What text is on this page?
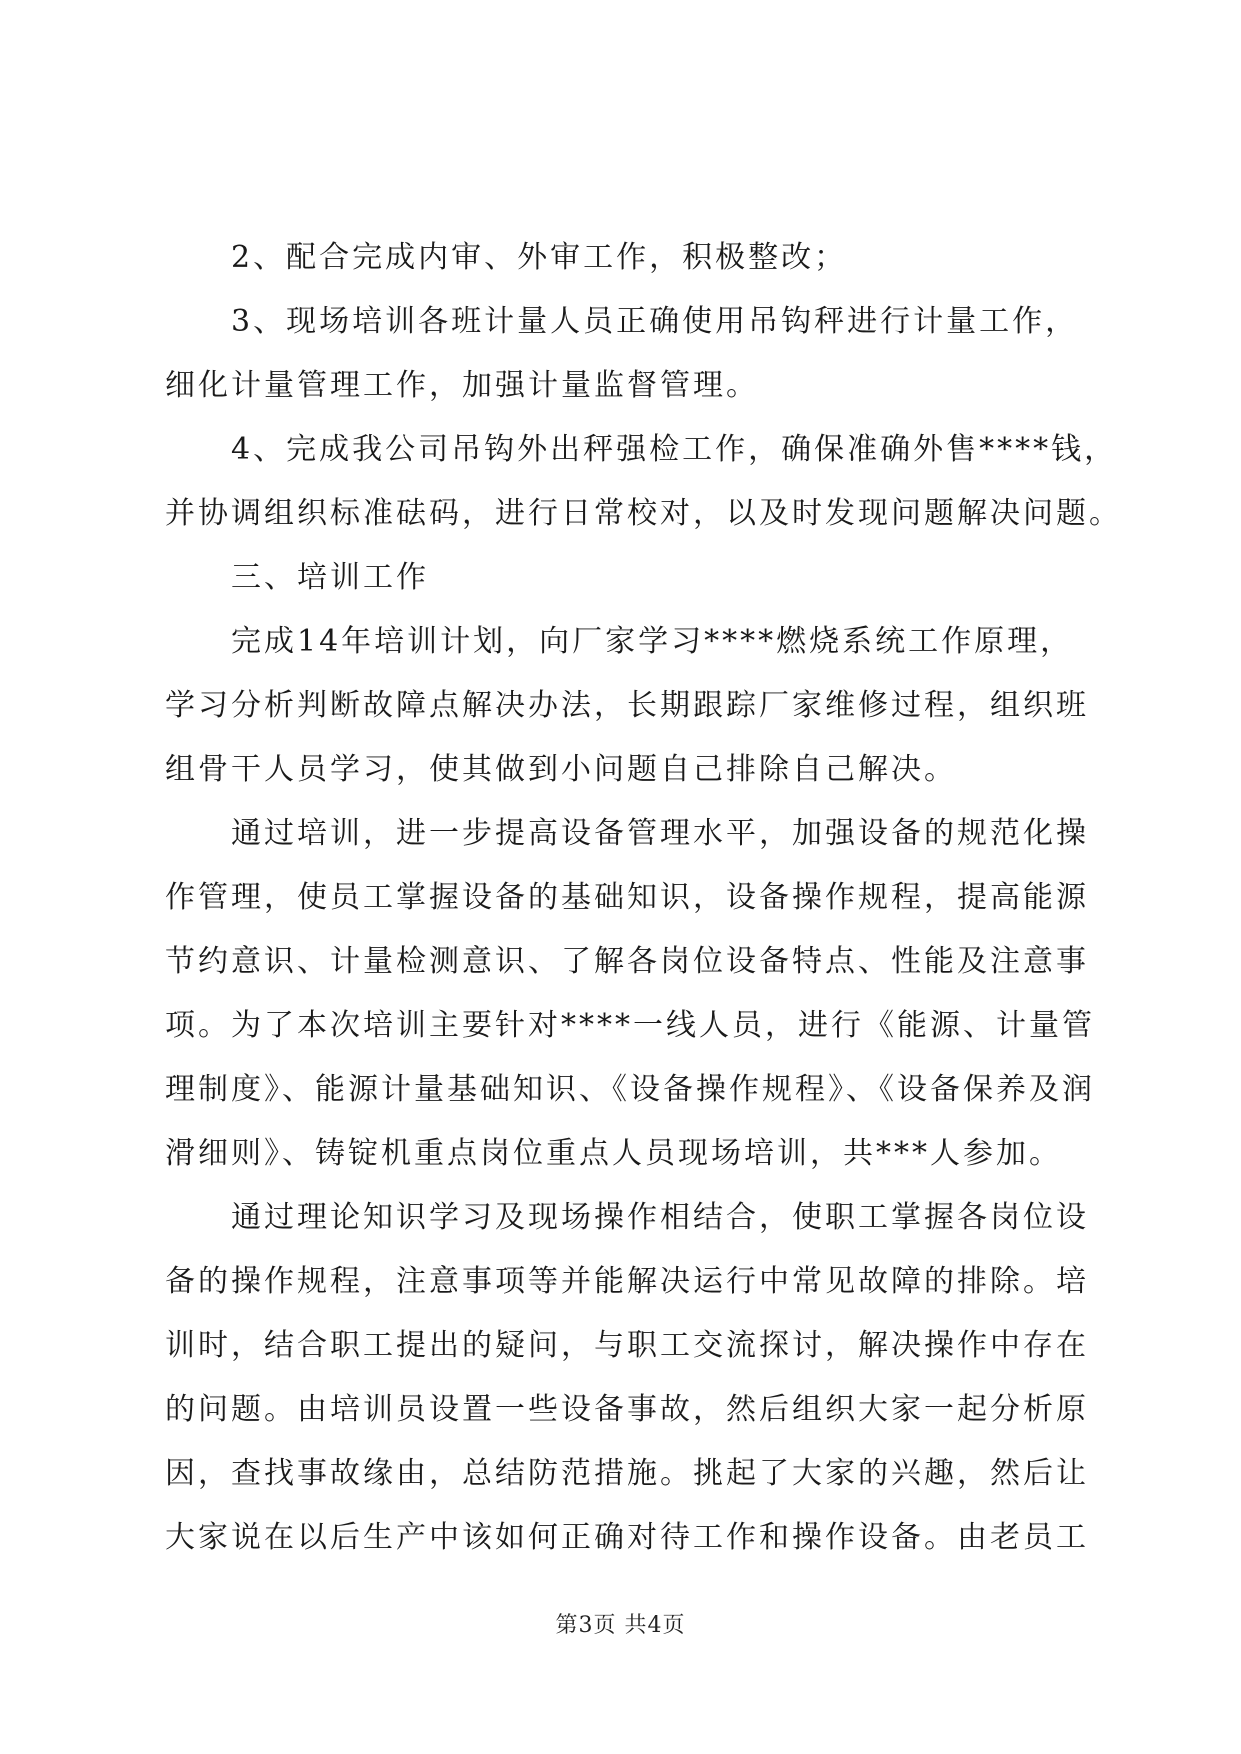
2、配合完成内审、外审工作，积极整改；

3、现场培训各班计量人员正确使用吊钩秤进行计量工作，

细化计量管理工作，加强计量监督管理。

4、完成我公司吊钩外出秤强检工作，确保准确外售****钱，

并协调组织标准砝码，进行日常校对，以及时发现问题解决问题。

三、培训工作

完成14年培训计划，向厂家学习****燃烧系统工作原理，

学习分析判断故障点解决办法，长期跟踪厂家维修过程，组织班

组骨干人员学习，使其做到小问题自己排除自己解决。

通过培训，进一步提高设备管理水平，加强设备的规范化操

作管理，使员工掌握设备的基础知识，设备操作规程，提高能源

节约意识、计量检测意识、了解各岗位设备特点、性能及注意事

项。为了本次培训主要针对****一线人员，进行《能源、计量管

理制度》、能源计量基础知识、《设备操作规程》、《设备保养及润

滑细则》、铸锭机重点岗位重点人员现场培训，共***人参加。

通过理论知识学习及现场操作相结合，使职工掌握各岗位设

备的操作规程，注意事项等并能解决运行中常见故障的排除。培

训时，结合职工提出的疑问，与职工交流探讨，解决操作中存在

的问题。由培训员设置一些设备事故，然后组织大家一起分析原

因，查找事故缘由，总结防范措施。挑起了大家的兴趣，然后让

大家说在以后生产中该如何正确对待工作和操作设备。由老员工

第3页 共4页
